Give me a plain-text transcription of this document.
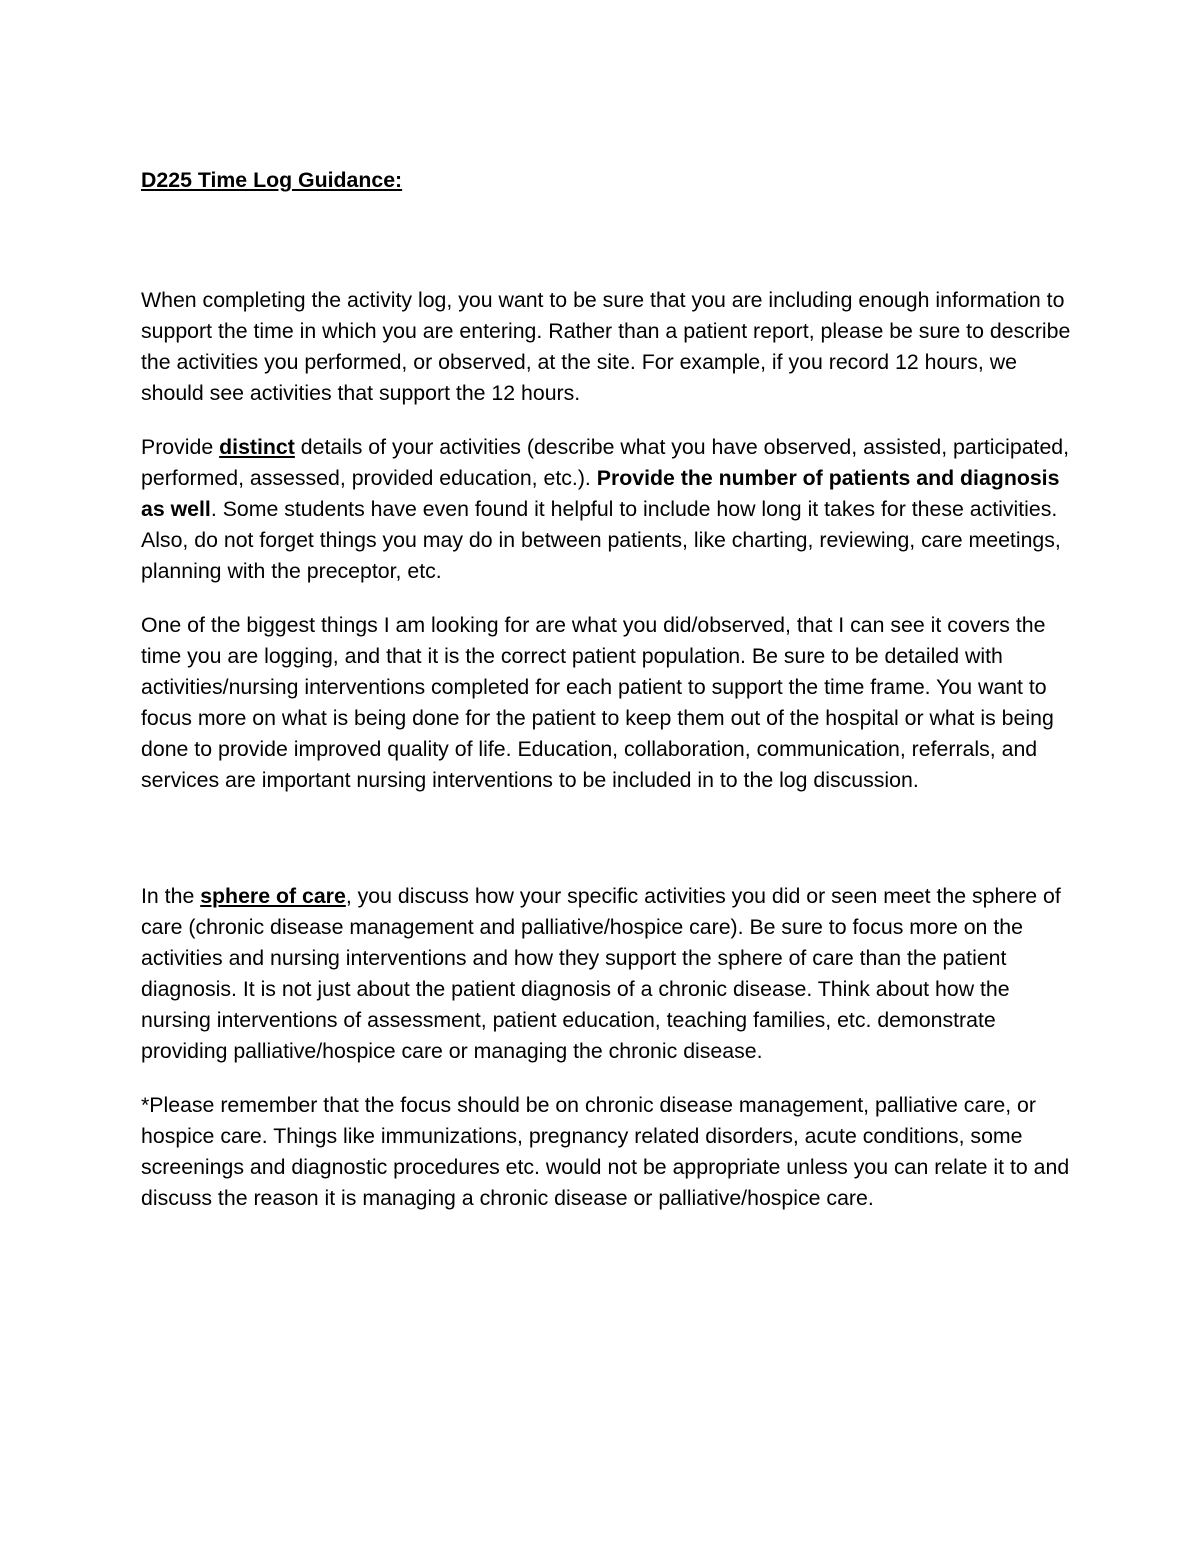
D225 Time Log Guidance:

When completing the activity log, you want to be sure that you are including enough information to support the time in which you are entering. Rather than a patient report, please be sure to describe the activities you performed, or observed, at the site. For example, if you record 12 hours, we should see activities that support the 12 hours.

Provide distinct details of your activities (describe what you have observed, assisted, participated, performed, assessed, provided education, etc.). Provide the number of patients and diagnosis as well. Some students have even found it helpful to include how long it takes for these activities. Also, do not forget things you may do in between patients, like charting, reviewing, care meetings, planning with the preceptor, etc.

One of the biggest things I am looking for are what you did/observed, that I can see it covers the time you are logging, and that it is the correct patient population. Be sure to be detailed with activities/nursing interventions completed for each patient to support the time frame. You want to focus more on what is being done for the patient to keep them out of the hospital or what is being done to provide improved quality of life. Education, collaboration, communication, referrals, and services are important nursing interventions to be included in to the log discussion.

In the sphere of care, you discuss how your specific activities you did or seen meet the sphere of care (chronic disease management and palliative/hospice care). Be sure to focus more on the activities and nursing interventions and how they support the sphere of care than the patient diagnosis. It is not just about the patient diagnosis of a chronic disease. Think about how the nursing interventions of assessment, patient education, teaching families, etc. demonstrate providing palliative/hospice care or managing the chronic disease.

*Please remember that the focus should be on chronic disease management, palliative care, or hospice care. Things like immunizations, pregnancy related disorders, acute conditions, some screenings and diagnostic procedures etc. would not be appropriate unless you can relate it to and discuss the reason it is managing a chronic disease or palliative/hospice care.
